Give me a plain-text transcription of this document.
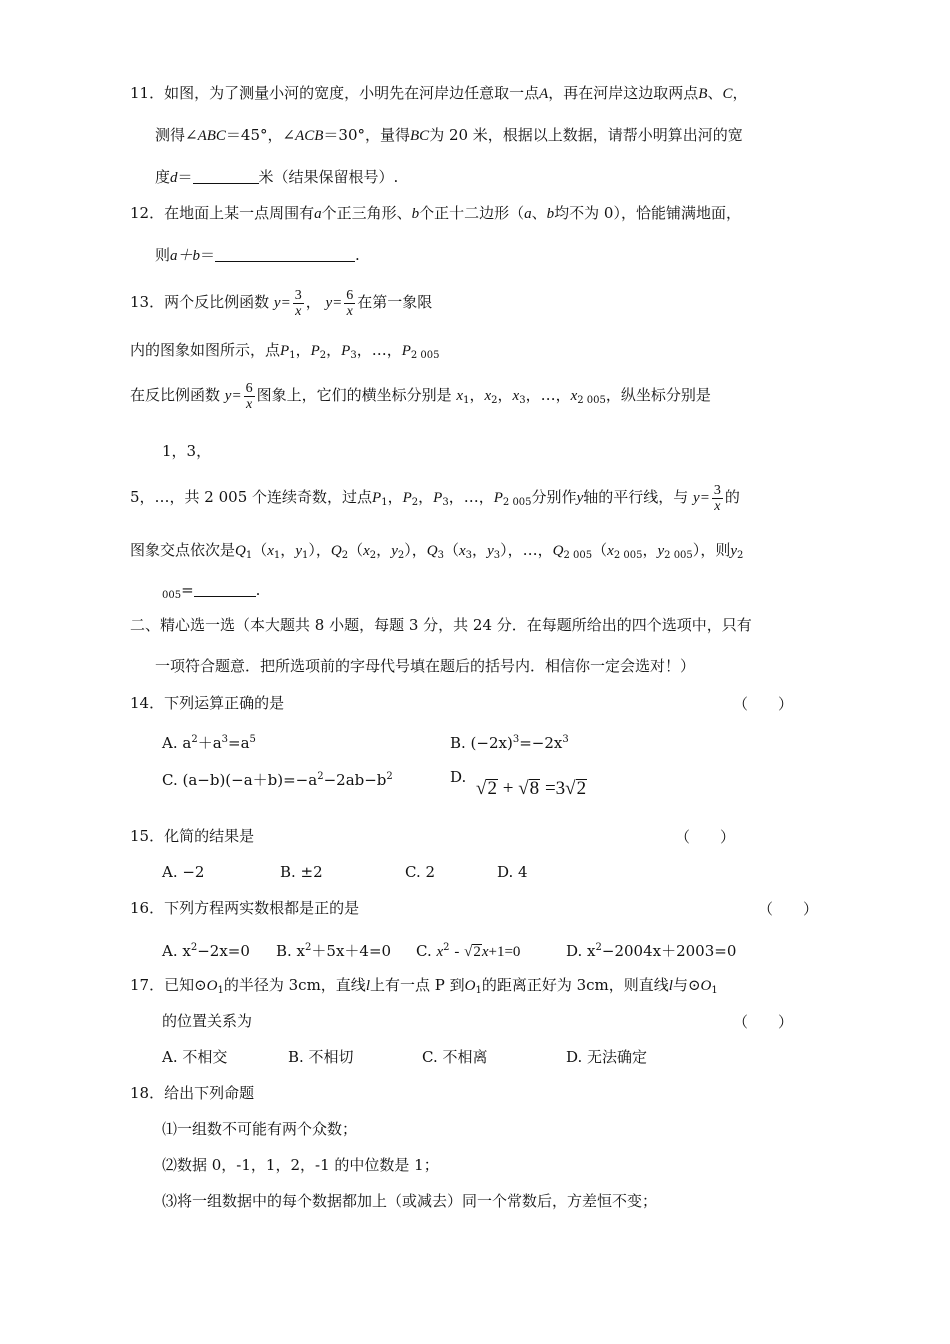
11．如图，为了测量小河的宽度，小明先在河岸边任意取一点A，再在河岸这边取两点B、C，
测得∠ABC＝45°，∠ACB＝30°，量得BC为 20 米，根据以上数据，请帮小明算出河的宽
度d＝	米（结果保留根号）.
12．在地面上某一点周围有a个正三角形、b个正十二边形（a、b均不为 0），恰能铺满地面，
则a＋b＝	.
13．两个反比例函数 $y= \frac{3}{x}$ ， $y= \frac{6}{x}$ 在第一象限
内的图象如图所示，点$P_1$，$P_2$，$P_3$，…，$P_{2 005}$
在反比例函数 $y= \frac{6}{x}$ 图象上，它们的横坐标分别是 $x_1$，$x_2$，$x_3$，…，$x_{2 005}$，纵坐标分别是
1，3，
5，…，共 2 005 个连续奇数，过点$P_1$，$P_2$，$P_3$，…，$P_{2 005}$分别作y轴的平行线，与 $y= \frac{3}{x}$ 的
图象交点依次是$Q_1(x_1$，$y_1$），$Q_2(x_2$，$y_2$），$Q_3(x_3$，$y_3$），…，$Q_{2 005}(x_{2 005}$，$y_{2 005}$），则$y_2$
$_{005}$=	.
二、精心选一选（本大题共 8 小题，每题 3 分，共 24 分．在每题所给出的四个选项中，只有
一项符合题意．把所选项前的字母代号填在题后的括号内．相信你一定会选对！）
14．下列运算正确的是	（　　）
A. $a^2+a^3=a^5$	B. $(-2x)^3=-2x^3$
C. $(a-b)(-a+b)=-a^2-2ab-b^2$	D.
√2 + √8 =3√2
15．化简的结果是	（　　）
A. −2	B. ±2	C. 2	D. 4
16．下列方程两实数根都是正的是	（　　）
A. $x^2-2x=0$ B. $x^2+5x+4=0$ C. $x^2 - √2x+1=0$	D. $x^2-2004x+2003=0$
17．已知$⊙O_1$的半径为 3cm，直线l上有一点 P 到$O_1$的距离正好为 3cm，则直线l与$⊙O_1$
的位置关系为	（　　）
A. 不相交	B. 不相切	C. 不相离	D. 无法确定
18．给出下列命题
⑴一组数不可能有两个众数；
⑵数据 0，-1，1，2，-1 的中位数是 1；
⑶将一组数据中的每个数据都加上（或减去）同一个常数后，方差恒不变；
